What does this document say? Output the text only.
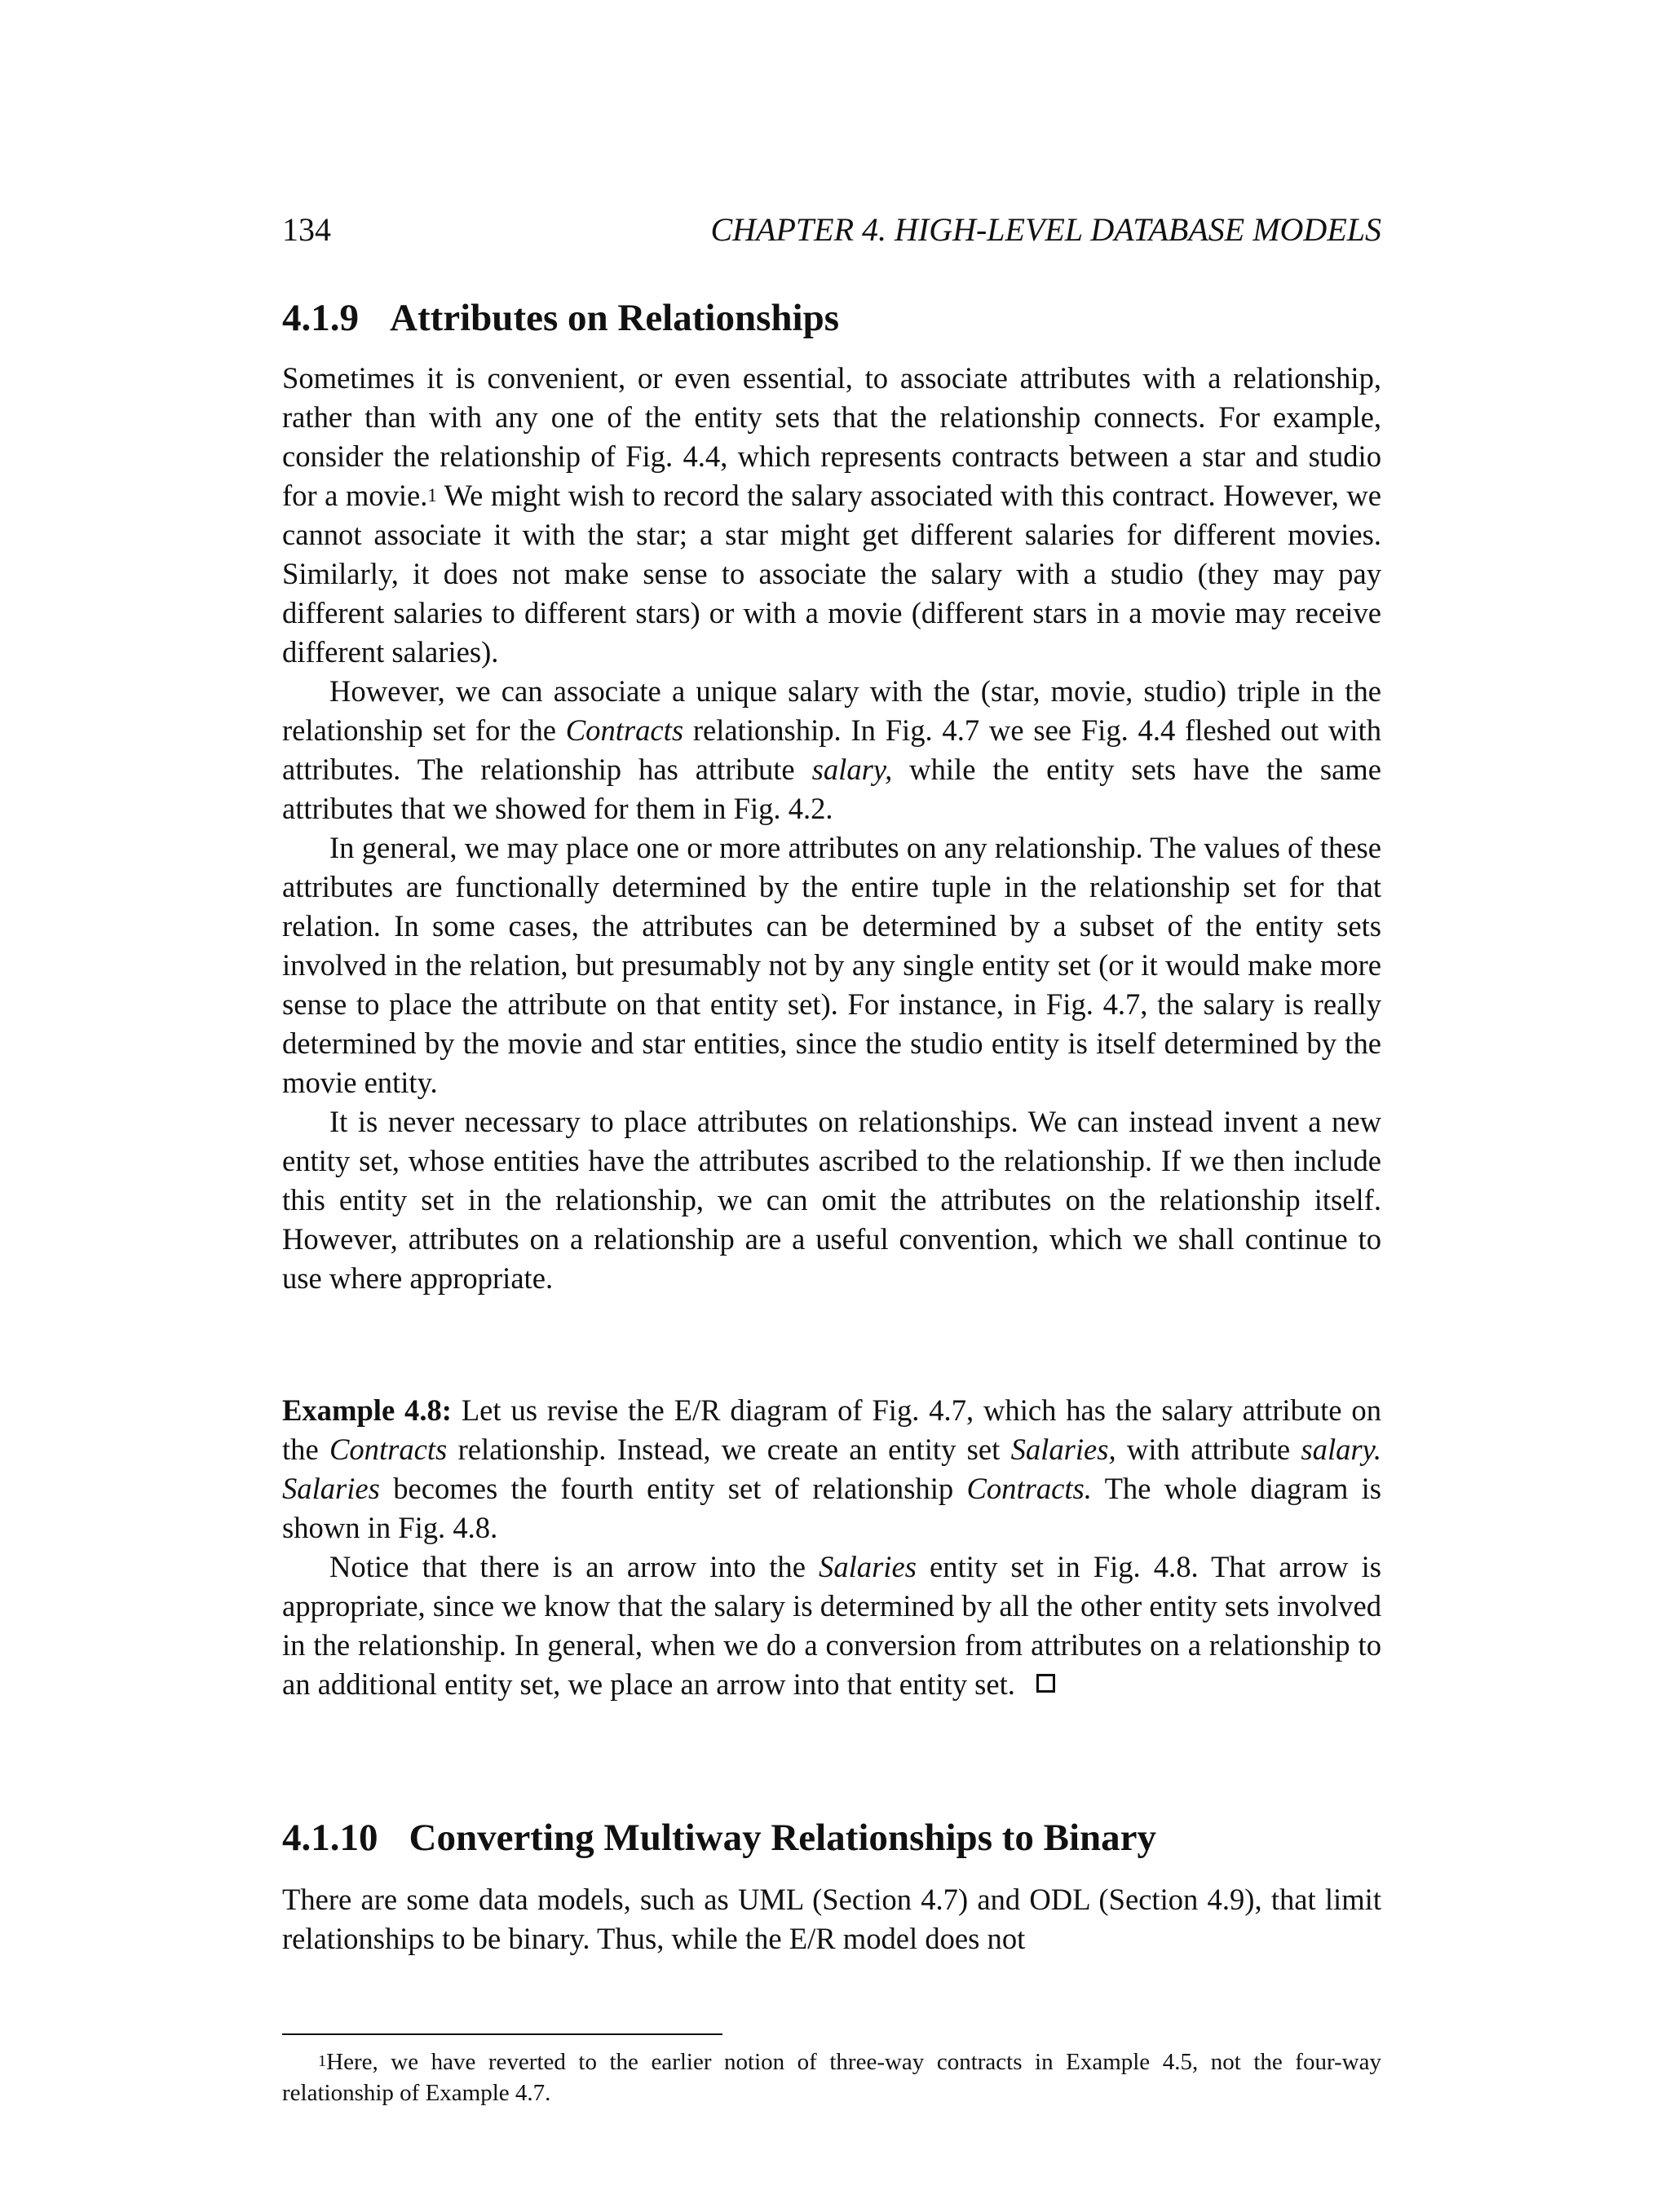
134	CHAPTER 4. HIGH-LEVEL DATABASE MODELS
4.1.9 Attributes on Relationships

Sometimes it is convenient, or even essential, to associate attributes with a relationship, rather than with any one of the entity sets that the relationship connects. For example, consider the relationship of Fig. 4.4, which represents contracts between a star and studio for a movie.$^1$ We might wish to record the salary associated with this contract. However, we cannot associate it with the star; a star might get different salaries for different movies. Similarly, it does not make sense to associate the salary with a studio (they may pay different salaries to different stars) or with a movie (different stars in a movie may receive different salaries).

However, we can associate a unique salary with the (star, movie, studio) triple in the relationship set for the Contracts relationship. In Fig. 4.7 we see Fig. 4.4 fleshed out with attributes. The relationship has attribute salary, while the entity sets have the same attributes that we showed for them in Fig. 4.2.

In general, we may place one or more attributes on any relationship. The values of these attributes are functionally determined by the entire tuple in the relationship set for that relation. In some cases, the attributes can be determined by a subset of the entity sets involved in the relation, but presumably not by any single entity set (or it would make more sense to place the attribute on that entity set). For instance, in Fig. 4.7, the salary is really determined by the movie and star entities, since the studio entity is itself determined by the movie entity.

It is never necessary to place attributes on relationships. We can instead invent a new entity set, whose entities have the attributes ascribed to the relationship. If we then include this entity set in the relationship, we can omit the attributes on the relationship itself. However, attributes on a relationship are a useful convention, which we shall continue to use where appropriate.

Example 4.8: Let us revise the E/R diagram of Fig. 4.7, which has the salary attribute on the Contracts relationship. Instead, we create an entity set Salaries, with attribute salary. Salaries becomes the fourth entity set of relationship Contracts. The whole diagram is shown in Fig. 4.8.

Notice that there is an arrow into the Salaries entity set in Fig. 4.8. That arrow is appropriate, since we know that the salary is determined by all the other entity sets involved in the relationship. In general, when we do a conversion from attributes on a relationship to an additional entity set, we place an arrow into that entity set.

4.1.10 Converting Multiway Relationships to Binary

There are some data models, such as UML (Section 4.7) and ODL (Section 4.9), that limit relationships to be binary. Thus, while the E/R model does not

$^1$Here, we have reverted to the earlier notion of three-way contracts in Example 4.5, not the four-way relationship of Example 4.7.
